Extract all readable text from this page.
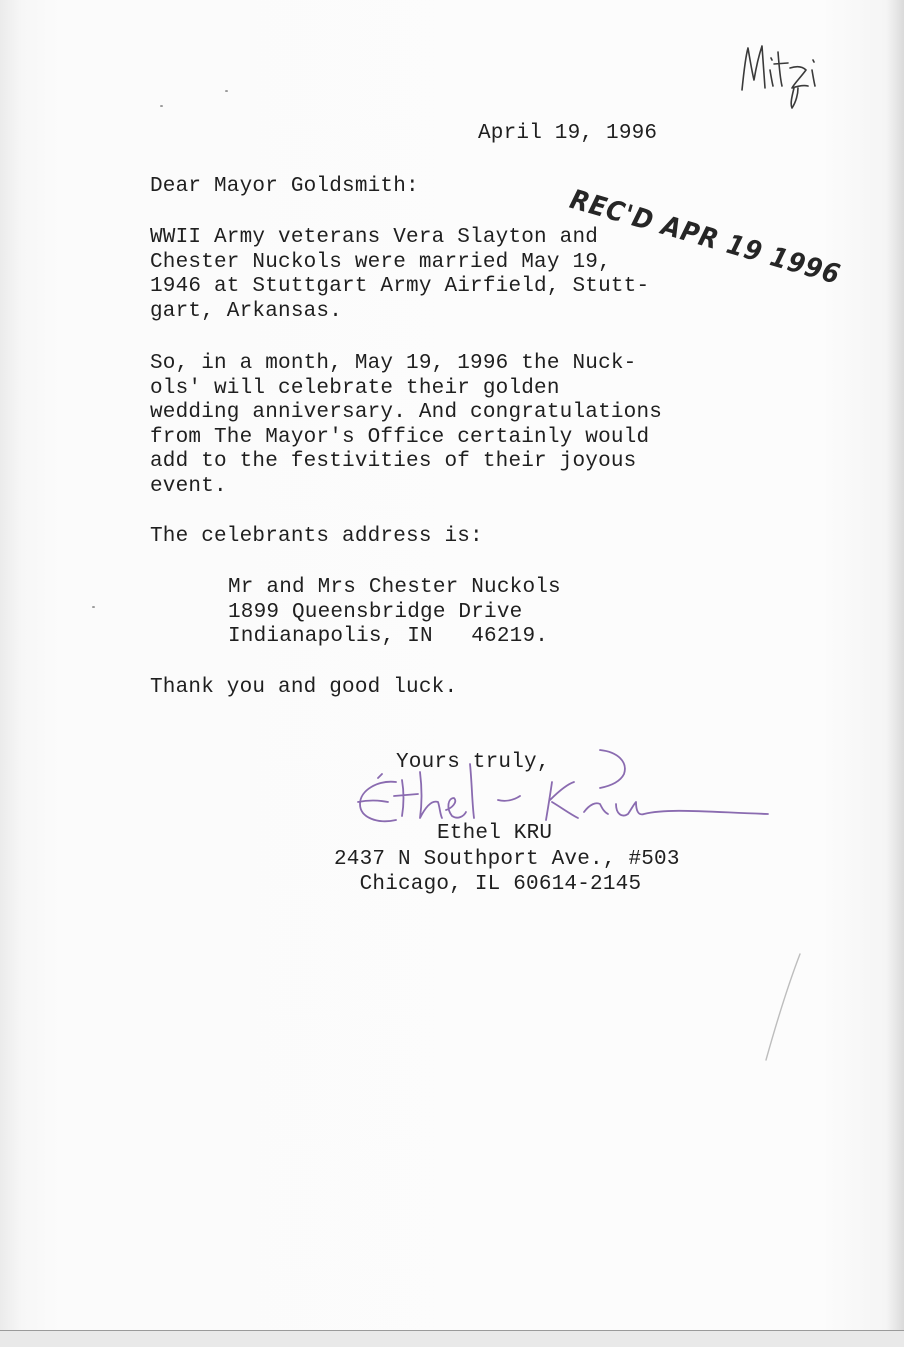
April 19, 1996
REC'D APR 19 1996
Dear Mayor Goldsmith:
WWII Army veterans Vera Slayton and
Chester Nuckols were married May 19,
1946 at Stuttgart Army Airfield, Stutt-
gart, Arkansas.
So, in a month, May 19, 1996 the Nuck-
ols' will celebrate their golden
wedding anniversary. And congratulations
from The Mayor's Office certainly would
add to the festivities of their joyous
event.
The celebrants address is:
Mr and Mrs Chester Nuckols
1899 Queensbridge Drive
Indianapolis, IN   46219.
Thank you and good luck.
Yours truly,
Ethel KRU
2437 N Southport Ave., #503
Chicago, IL 60614-2145
